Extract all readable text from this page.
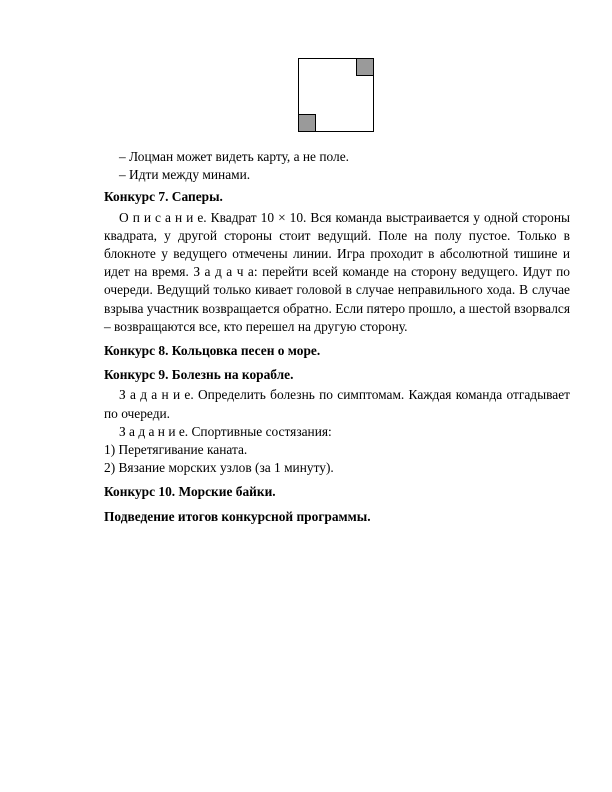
– Лоцман может видеть карту, а не поле.

– Идти между минами.

Конкурс 7. Саперы.

О п и с а н и е. Квадрат 10 × 10. Вся команда выстраивается у одной стороны квадрата, у другой стороны стоит ведущий. Поле на полу пустое. Только в блокноте у ведущего отмечены линии. Игра проходит в абсолютной тишине и идет на время. З а д а ч а: перейти всей команде на сторону ведущего. Идут по очереди. Ведущий только кивает головой в случае неправильного хода. В случае взрыва участник возвращается обратно. Если пятеро прошло, а шестой взорвался – возвращаются все, кто перешел на другую сторону.

Конкурс 8. Кольцовка песен о море.

Конкурс 9. Болезнь на корабле.

З а д а н и е. Определить болезнь по симптомам. Каждая команда отгадывает по очереди.

З а д а н и е. Спортивные состязания:

1) Перетягивание каната.

2) Вязание морских узлов (за 1 минуту).

Конкурс 10. Морские байки.

Подведение итогов конкурсной программы.
